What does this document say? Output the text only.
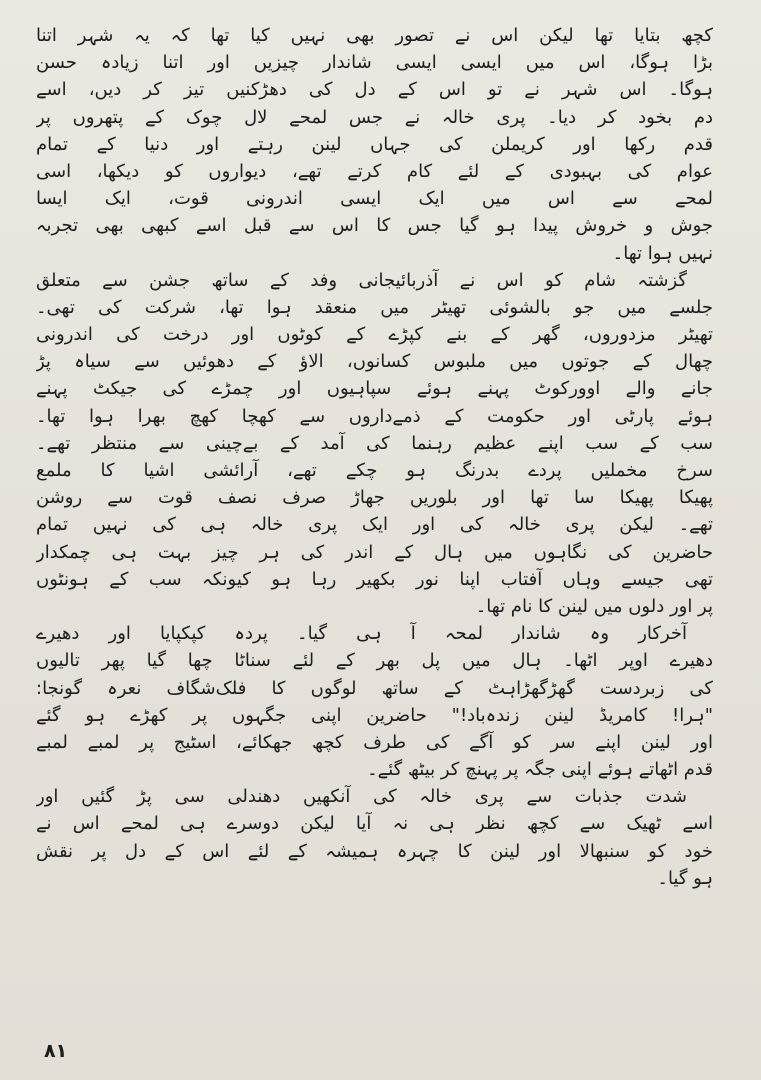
کچھ بتایا تھا لیکن اس نے تصور بھی نہیں کیا تھا کہ یہ شہر اتنا
بڑا ہوگا، اس میں ایسی ایسی شاندار چیزیں اور اتنا زیادہ حسن
ہوگا۔ اس شہر نے تو اس کے دل کی دھڑکنیں تیز کر دیں، اسے
دم بخود کر دیا۔ پری خالہ نے جس لمحے لال چوک کے پتھروں پر
قدم رکھا اور کریملن کی جہاں لینن رہتے اور دنیا کے تمام
عوام کی بہبودی کے لئے کام کرتے تھے، دیواروں کو دیکھا، اسی
لمحے سے اس میں ایک ایسی اندرونی قوت، ایک ایسا
جوش و خروش پیدا ہو گیا جس کا اس سے قبل اسے کبھی بھی تجربہ
نہیں ہوا تھا۔
گزشتہ شام کو اس نے آذربائیجانی وفد کے ساتھ جشن سے متعلق
جلسے میں جو بالشوئی تھیٹر میں منعقد ہوا تھا، شرکت کی تھی۔
تھیٹر مزدوروں، گھر کے بنے کپڑے کے کوٹوں اور درخت کی اندرونی
چھال کے جوتوں میں ملبوس کسانوں، الاؤ کے دھوئیں سے سیاہ پڑ
جانے والے اوورکوٹ پہنے ہوئے سپاہیوں اور چمڑے کی جیکٹ پہنے
ہوئے پارٹی اور حکومت کے ذمےداروں سے کھچا کھچ بھرا ہوا تھا۔
سب کے سب اپنے عظیم رہنما کی آمد کے بےچینی سے منتظر تھے۔
سرخ مخملیں پردے بدرنگ ہو چکے تھے، آرائشی اشیا کا ملمع
پھیکا پھیکا سا تھا اور بلوریں جھاڑ صرف نصف قوت سے روشن
تھے۔ لیکن پری خالہ کی اور ایک پری خالہ ہی کی نہیں تمام
حاضرین کی نگاہوں میں ہال کے اندر کی ہر چیز بہت ہی چمکدار
تھی جیسے وہاں آفتاب اپنا نور بکھیر رہا ہو کیونکہ سب کے ہونٹوں
پر اور دلوں میں لینن کا نام تھا۔
آخرکار وہ شاندار لمحہ آ ہی گیا۔ پردہ کپکپایا اور دھیرے
دھیرے اوپر اٹھا۔ ہال میں پل بھر کے لئے سناٹا چھا گیا پھر تالیوں
کی زبردست گھڑگھڑاہٹ کے ساتھ لوگوں کا فلک‌شگاف نعرہ گونجا:
"ہرا! کامریڈ لینن زندہ‌باد!" حاضرین اپنی جگہوں پر کھڑے ہو گئے
اور لینن اپنے سر کو آگے کی طرف کچھ جھکائے، اسٹیج پر لمبے لمبے
قدم اٹھاتے ہوئے اپنی جگہ پر پہنچ کر بیٹھ گئے۔
شدت جذبات سے پری خالہ کی آنکھیں دھندلی سی پڑ گئیں اور
اسے ٹھیک سے کچھ نظر ہی نہ آیا لیکن دوسرے ہی لمحے اس نے
خود کو سنبھالا اور لینن کا چہرہ ہمیشہ کے لئے اس کے دل پر نقش
ہو گیا۔
٨١
